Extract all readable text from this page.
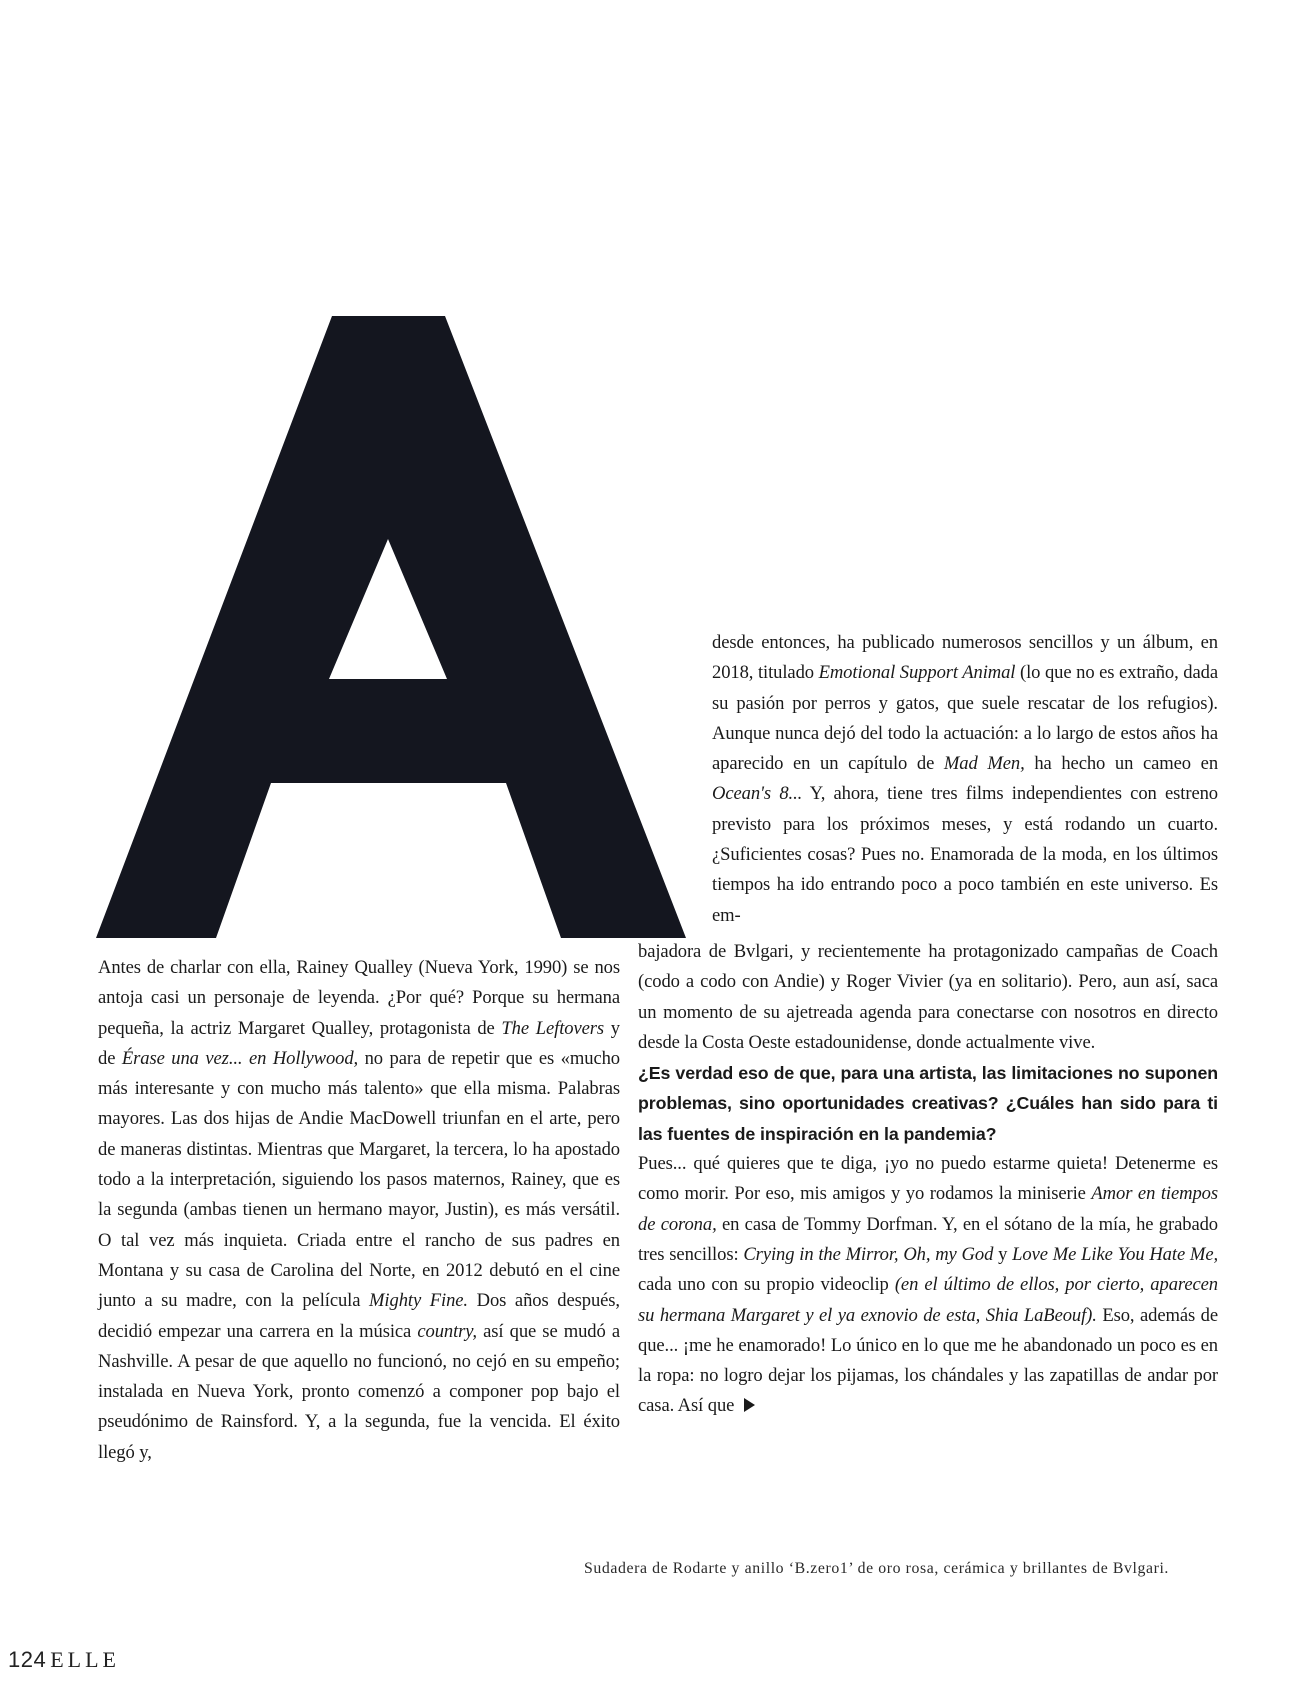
Antes de charlar con ella, Rainey Qualley (Nueva York, 1990) se nos antoja casi un personaje de leyenda. ¿Por qué? Porque su hermana pequeña, la actriz Margaret Qualley, protagonista de The Leftovers y de Érase una vez... en Hollywood, no para de repetir que es «mucho más interesante y con mucho más talento» que ella misma. Palabras mayores. Las dos hijas de Andie MacDowell triunfan en el arte, pero de maneras distintas. Mientras que Margaret, la tercera, lo ha apostado todo a la interpretación, siguiendo los pasos maternos, Rainey, que es la segunda (ambas tienen un hermano mayor, Justin), es más versátil. O tal vez más inquieta. Criada entre el rancho de sus padres en Montana y su casa de Carolina del Norte, en 2012 debutó en el cine junto a su madre, con la película Mighty Fine. Dos años después, decidió empezar una carrera en la música country, así que se mudó a Nashville. A pesar de que aquello no funcionó, no cejó en su empeño; instalada en Nueva York, pronto comenzó a componer pop bajo el pseudónimo de Rainsford. Y, a la segunda, fue la vencida. El éxito llegó y,

desde entonces, ha publicado numerosos sencillos y un álbum, en 2018, titulado Emotional Support Animal (lo que no es extraño, dada su pasión por perros y gatos, que suele rescatar de los refugios). Aunque nunca dejó del todo la actuación: a lo largo de estos años ha aparecido en un capítulo de Mad Men, ha hecho un cameo en Ocean's 8... Y, ahora, tiene tres films independientes con estreno previsto para los próximos meses, y está rodando un cuarto. ¿Suficientes cosas? Pues no. Enamorada de la moda, en los últimos tiempos ha ido entrando poco a poco también en este universo. Es em-

bajadora de Bvlgari, y recientemente ha protagonizado campañas de Coach (codo a codo con Andie) y Roger Vivier (ya en solitario). Pero, aun así, saca un momento de su ajetreada agenda para conectarse con nosotros en directo desde la Costa Oeste estadounidense, donde actualmente vive.

¿Es verdad eso de que, para una artista, las limitaciones no suponen problemas, sino oportunidades creativas? ¿Cuáles han sido para ti las fuentes de inspiración en la pandemia?

Pues... qué quieres que te diga, ¡yo no puedo estarme quieta! Detenerme es como morir. Por eso, mis amigos y yo rodamos la miniserie Amor en tiempos de corona, en casa de Tommy Dorfman. Y, en el sótano de la mía, he grabado tres sencillos: Crying in the Mirror, Oh, my God y Love Me Like You Hate Me, cada uno con su propio videoclip (en el último de ellos, por cierto, aparecen su hermana Margaret y el ya exnovio de esta, Shia LaBeouf). Eso, además de que... ¡me he enamorado! Lo único en lo que me he abandonado un poco es en la ropa: no logro dejar los pijamas, los chándales y las zapatillas de andar por casa. Así que

Sudadera de Rodarte y anillo ‘B.zero1’ de oro rosa, cerámica y brillantes de Bvlgari.
124 ELLE
